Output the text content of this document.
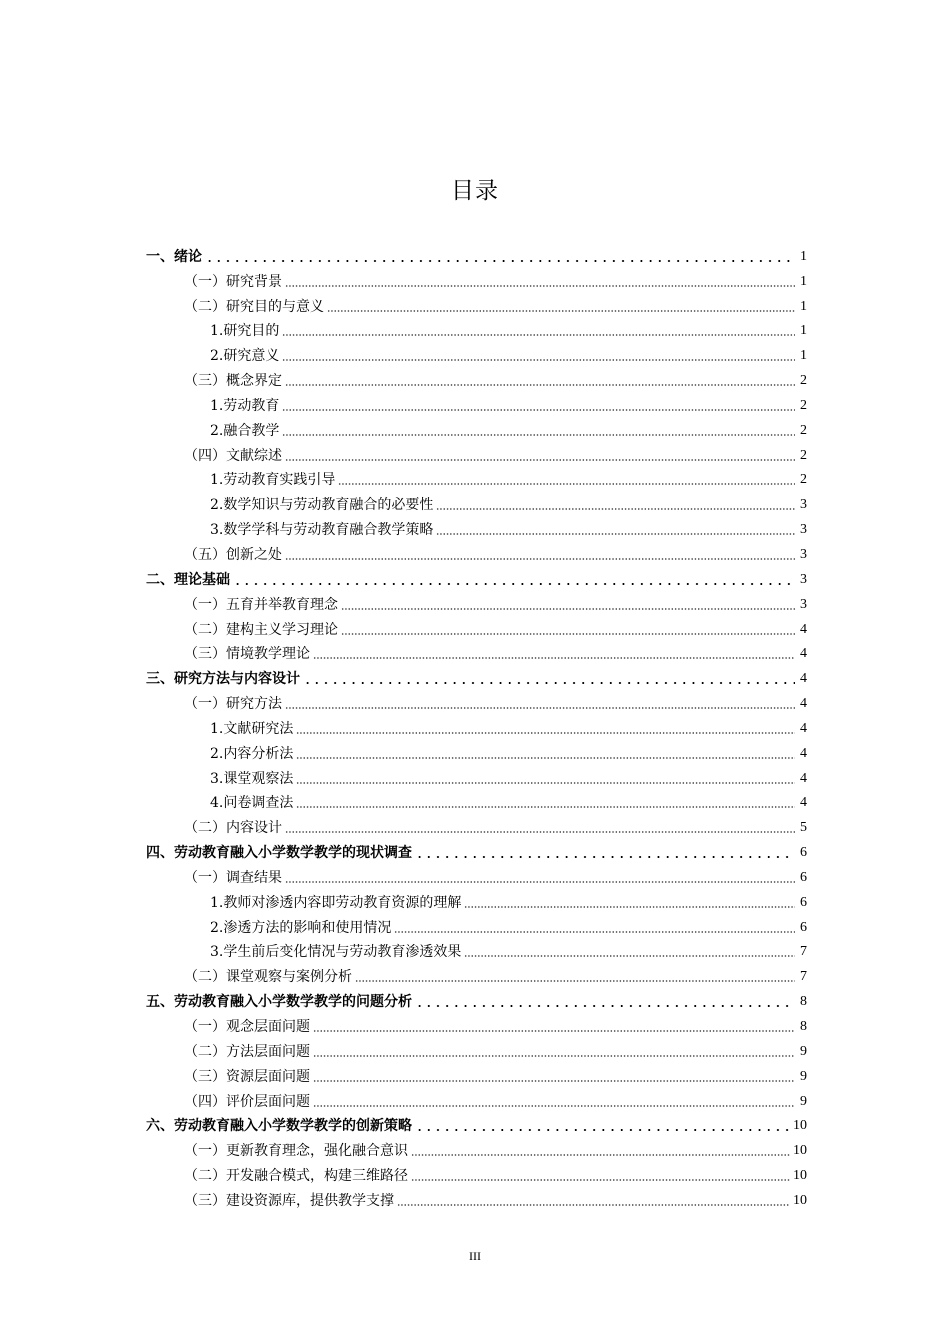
目录
一、绪论	1
（一）研究背景	1
（二）研究目的与意义	1
1.研究目的	1
2.研究意义	1
（三）概念界定	2
1.劳动教育	2
2.融合教学	2
（四）文献综述	2
1.劳动教育实践引导	2
2.数学知识与劳动教育融合的必要性	3
3.数学学科与劳动教育融合教学策略	3
（五）创新之处	3
二、理论基础	3
（一）五育并举教育理念	3
（二）建构主义学习理论	4
（三）情境教学理论	4
三、研究方法与内容设计	4
（一）研究方法	4
1.文献研究法	4
2.内容分析法	4
3.课堂观察法	4
4.问卷调查法	4
（二）内容设计	5
四、劳动教育融入小学数学教学的现状调查	6
（一）调查结果	6
1.教师对渗透内容即劳动教育资源的理解	6
2.渗透方法的影响和使用情况	6
3.学生前后变化情况与劳动教育渗透效果	7
（二）课堂观察与案例分析	7
五、劳动教育融入小学数学教学的问题分析	8
（一）观念层面问题	8
（二）方法层面问题	9
（三）资源层面问题	9
（四）评价层面问题	9
六、劳动教育融入小学数学教学的创新策略	10
（一）更新教育理念，强化融合意识	10
（二）开发融合模式，构建三维路径	10
（三）建设资源库，提供教学支撑	10
III
